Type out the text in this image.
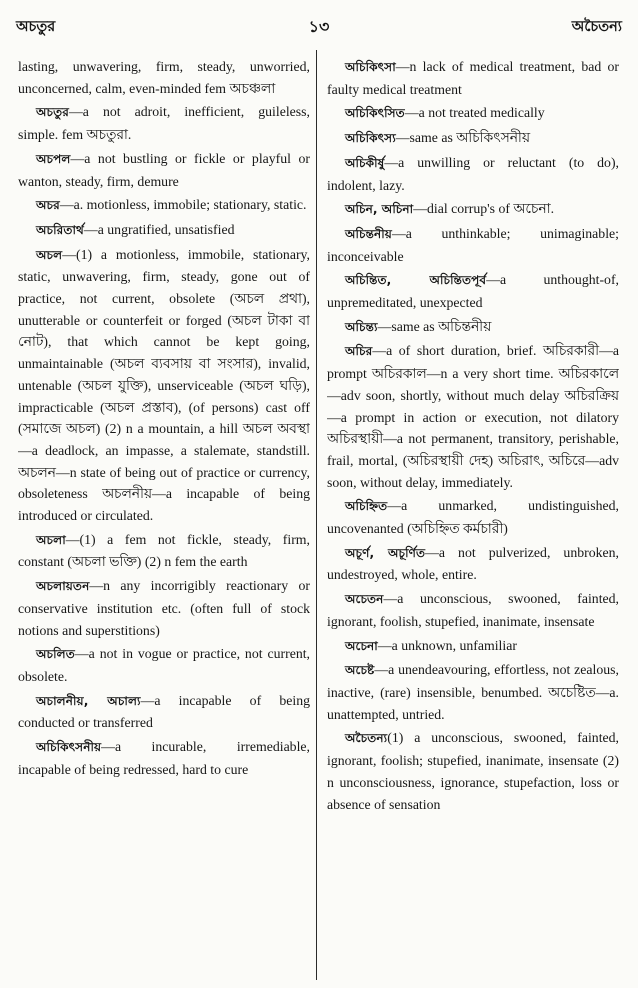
অচতুর	১৩	অচৈতন্য

lasting, unwavering, firm, steady, unworried, unconcerned, calm, even-minded fem অচঞ্চলা

অচতুর—a not adroit, inefficient, guileless, simple. fem অচতুরা.

অচপল—a not bustling or fickle or playful or wanton, steady, firm, demure

অচর—a. motionless, immobile; stationary, static.

অচরিতার্থ—a ungratified, unsatisfied

অচল—(1) a motionless, immobile, stationary, static, unwavering, firm, steady, gone out of practice, not current, obsolete (অচল প্রথা), unutterable or counterfeit or forged (অচল টাকা বা নোট), that which cannot be kept going, unmaintainable (অচল ব্যবসায় বা সংসার), invalid, untenable (অচল যুক্তি), unserviceable (অচল ঘড়ি), impracticable (অচল প্রস্তাব), (of persons) cast off (সমাজে অচল) (2) n a mountain, a hill অচল অবস্থা—a deadlock, an impasse, a stalemate, standstill. অচলন—n state of being out of practice or currency, obsoleteness অচলনীয়—a incapable of being introduced or circulated.

অচলা—(1) a fem not fickle, steady, firm, constant (অচলা ভক্তি) (2) n fem the earth

অচলায়তন—n any incorrigibly reactionary or conservative institution etc. (often full of stock notions and superstitions)

অচলিত—a not in vogue or practice, not current, obsolete.

অচালনীয়, অচাল্য—a incapable of being conducted or transferred

অচিকিৎসনীয়—a incurable, irremediable, incapable of being redressed, hard to cure

অচিকিৎসা—n lack of medical treatment, bad or faulty medical treatment

অচিকিৎসিত—a not treated medically

অচিকিৎস্য—same as অচিকিৎসনীয়

অচিকীর্ষু—a unwilling or reluctant (to do), indolent, lazy.

অচিন, অচিনা—dial corrup's of অচেনা.

অচিন্তনীয়—a unthinkable; unimaginable; inconceivable

অচিন্তিত, অচিন্তিতপূর্ব—a unthought-of, unpremeditated, unexpected

অচিন্ত্য—same as অচিন্তনীয়

অচির—a of short duration, brief. অচিরকারী—a prompt অচিরকাল—n a very short time. অচিরকালে—adv soon, shortly, without much delay অচিরক্রিয়—a prompt in action or execution, not dilatory অচিরস্থায়ী—a not permanent, transitory, perishable, frail, mortal, (অচিরস্থায়ী দেহ) অচিরাৎ, অচিরে—adv soon, without delay, immediately.

অচিহ্নিত—a unmarked, undistinguished, uncovenanted (অচিহ্নিত কর্মচারী)

অচূর্ণ, অচূর্ণিত—a not pulverized, unbroken, undestroyed, whole, entire.

অচেতন—a unconscious, swooned, fainted, ignorant, foolish, stupefied, inanimate, insensate

অচেনা—a unknown, unfamiliar

অচেষ্ট—a unendeavouring, effortless, not zealous, inactive, (rare) insensible, benumbed. অচেষ্টিত—a. unattempted, untried.

অচৈতন্য(1) a unconscious, swooned, fainted, ignorant, foolish; stupefied, inanimate, insensate (2) n unconsciousness, ignorance, stupefaction, loss or absence of sensation
